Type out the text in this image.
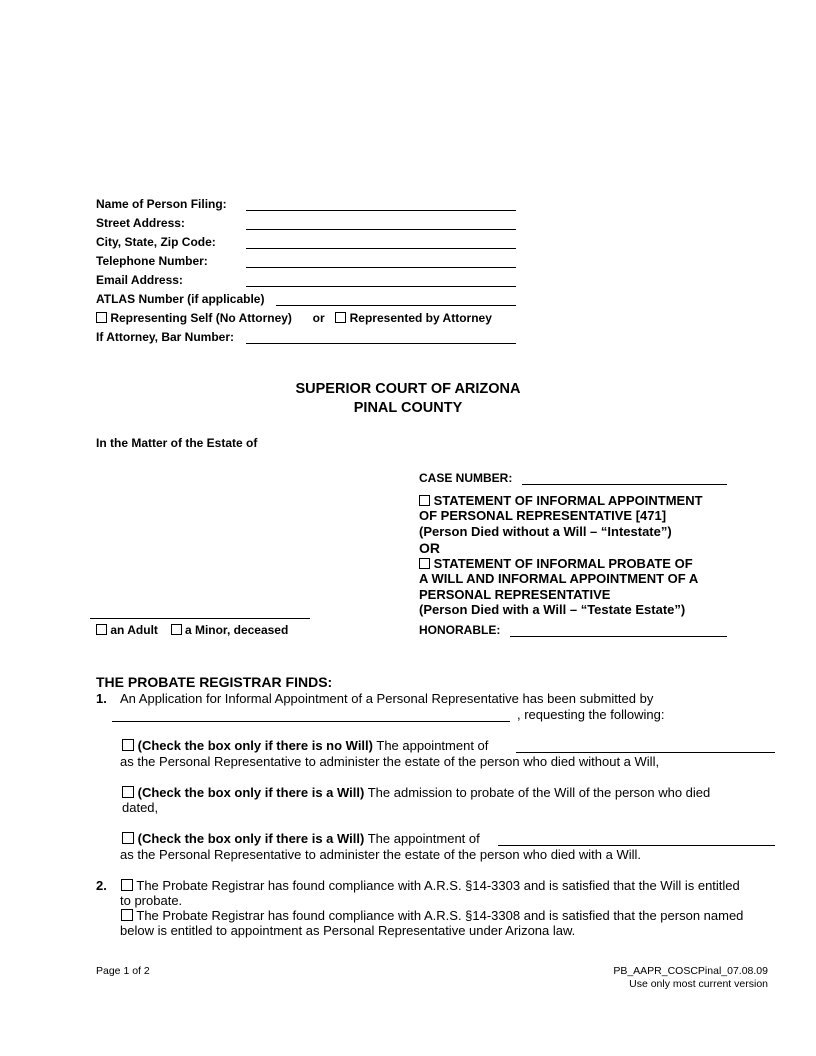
Name of Person Filing:
Street Address:
City, State, Zip Code:
Telephone Number:
Email Address:
ATLAS Number (if applicable)
Representing Self (No Attorney) or Represented by Attorney
If Attorney, Bar Number:
SUPERIOR COURT OF ARIZONA
PINAL COUNTY
In the Matter of the Estate of
an Adult a Minor, deceased
CASE NUMBER:
STATEMENT OF INFORMAL APPOINTMENT
OF PERSONAL REPRESENTATIVE [471]
(Person Died without a Will – “Intestate”)
OR
STATEMENT OF INFORMAL PROBATE OF
A WILL AND INFORMAL APPOINTMENT OF A
PERSONAL REPRESENTATIVE
(Person Died with a Will – “Testate Estate”)
HONORABLE:
THE PROBATE REGISTRAR FINDS:
1. An Application for Informal Appointment of a Personal Representative has been submitted by
, requesting the following:
(Check the box only if there is no Will) The appointment of
as the Personal Representative to administer the estate of the person who died without a Will,
(Check the box only if there is a Will) The admission to probate of the Will of the person who died
dated,
(Check the box only if there is a Will) The appointment of
as the Personal Representative to administer the estate of the person who died with a Will.
2.	The Probate Registrar has found compliance with A.R.S. §14-3303 and is satisfied that the Will is entitled
to probate.
The Probate Registrar has found compliance with A.R.S. §14-3308 and is satisfied that the person named
below is entitled to appointment as Personal Representative under Arizona law.
Page 1 of 2	PB_AAPR_COSCPinal_07.08.09
Use only most current version
